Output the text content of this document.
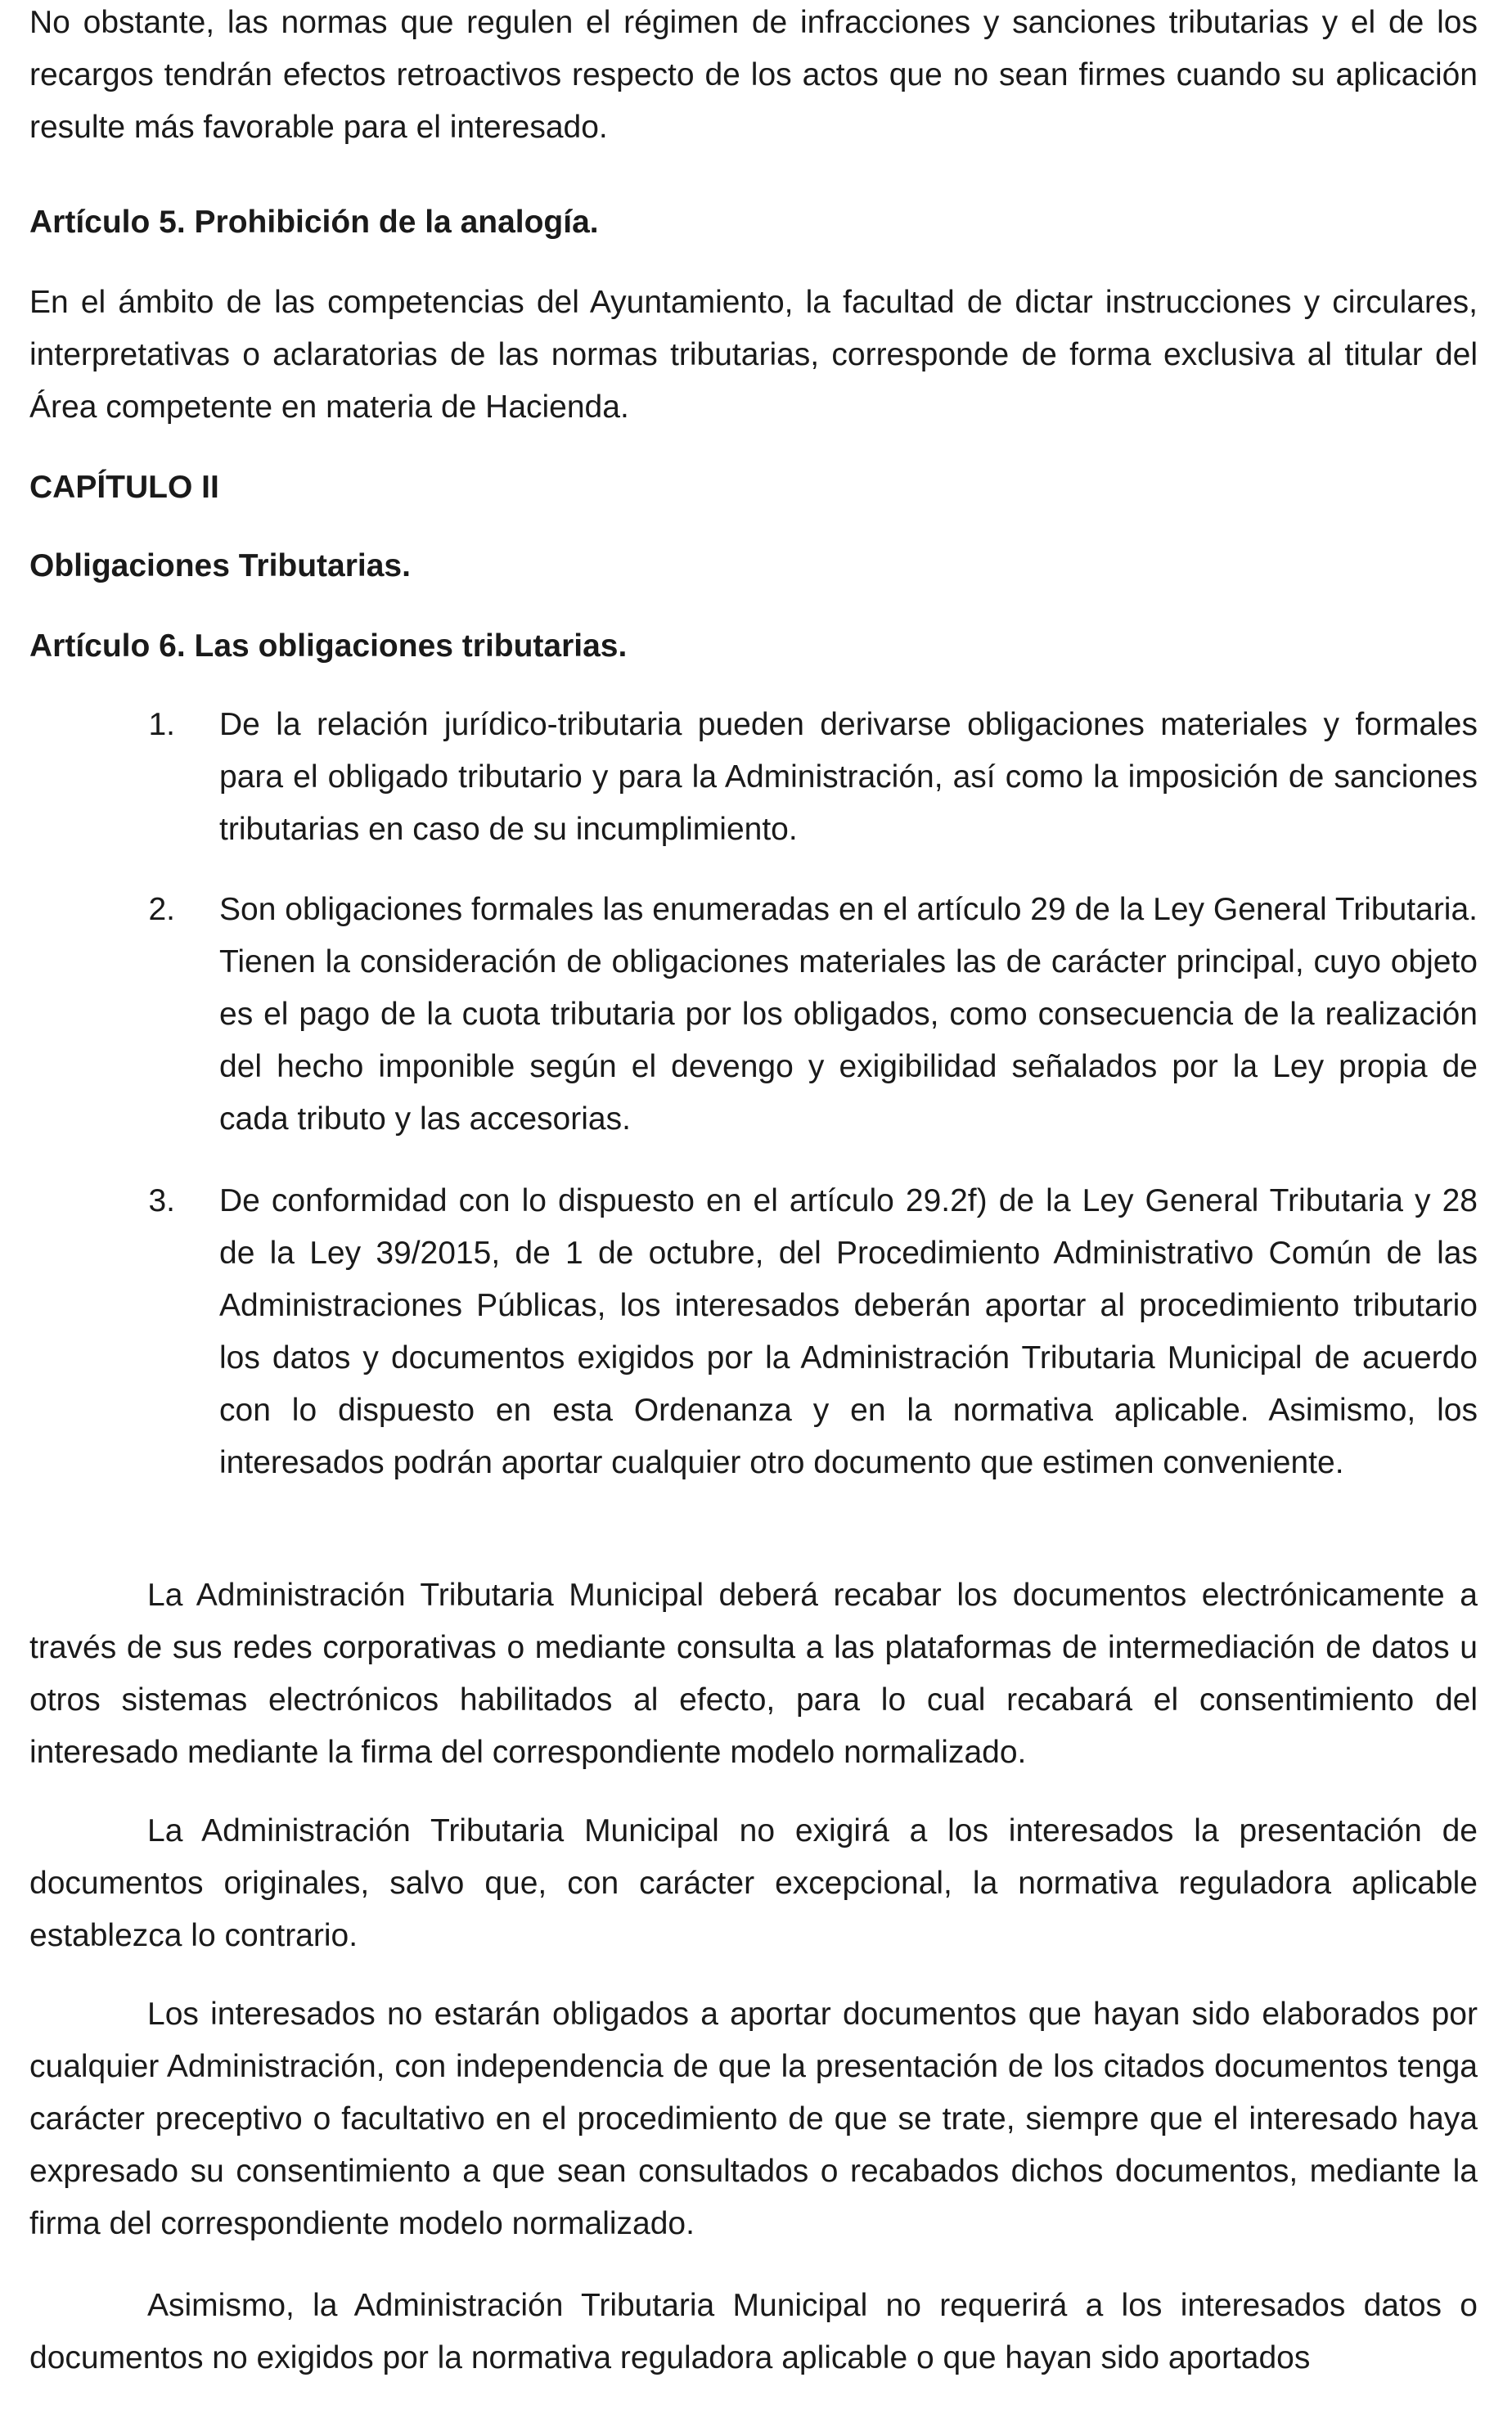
No obstante, las normas que regulen el régimen de infracciones y sanciones tributarias y el de los recargos tendrán efectos retroactivos respecto de los actos que no sean firmes cuando su aplicación resulte más favorable para el interesado.

Artículo 5. Prohibición de la analogía.

En el ámbito de las competencias del Ayuntamiento, la facultad de dictar instrucciones y circulares, interpretativas o aclaratorias de las normas tributarias, corresponde de forma exclusiva al titular del Área competente en materia de Hacienda.

CAPÍTULO II

Obligaciones Tributarias.

Artículo 6. Las obligaciones tributarias.

1. De la relación jurídico-tributaria pueden derivarse obligaciones materiales y formales para el obligado tributario y para la Administración, así como la imposición de sanciones tributarias en caso de su incumplimiento.
2. Son obligaciones formales las enumeradas en el artículo 29 de la Ley General Tributaria. Tienen la consideración de obligaciones materiales las de carácter principal, cuyo objeto es el pago de la cuota tributaria por los obligados, como consecuencia de la realización del hecho imponible según el devengo y exigibilidad señalados por la Ley propia de cada tributo y las accesorias.
3. De conformidad con lo dispuesto en el artículo 29.2f) de la Ley General Tributaria y 28 de la Ley 39/2015, de 1 de octubre, del Procedimiento Administrativo Común de las Administraciones Públicas, los interesados deberán aportar al procedimiento tributario los datos y documentos exigidos por la Administración Tributaria Municipal de acuerdo con lo dispuesto en esta Ordenanza y en la normativa aplicable. Asimismo, los interesados podrán aportar cualquier otro documento que estimen conveniente.

La Administración Tributaria Municipal deberá recabar los documentos electrónicamente a través de sus redes corporativas o mediante consulta a las plataformas de intermediación de datos u otros sistemas electrónicos habilitados al efecto, para lo cual recabará el consentimiento del interesado mediante la firma del correspondiente modelo normalizado.

La Administración Tributaria Municipal no exigirá a los interesados la presentación de documentos originales, salvo que, con carácter excepcional, la normativa reguladora aplicable establezca lo contrario.

Los interesados no estarán obligados a aportar documentos que hayan sido elaborados por cualquier Administración, con independencia de que la presentación de los citados documentos tenga carácter preceptivo o facultativo en el procedimiento de que se trate, siempre que el interesado haya expresado su consentimiento a que sean consultados o recabados dichos documentos, mediante la firma del correspondiente modelo normalizado.

Asimismo, la Administración Tributaria Municipal no requerirá a los interesados datos o documentos no exigidos por la normativa reguladora aplicable o que hayan sido aportados
